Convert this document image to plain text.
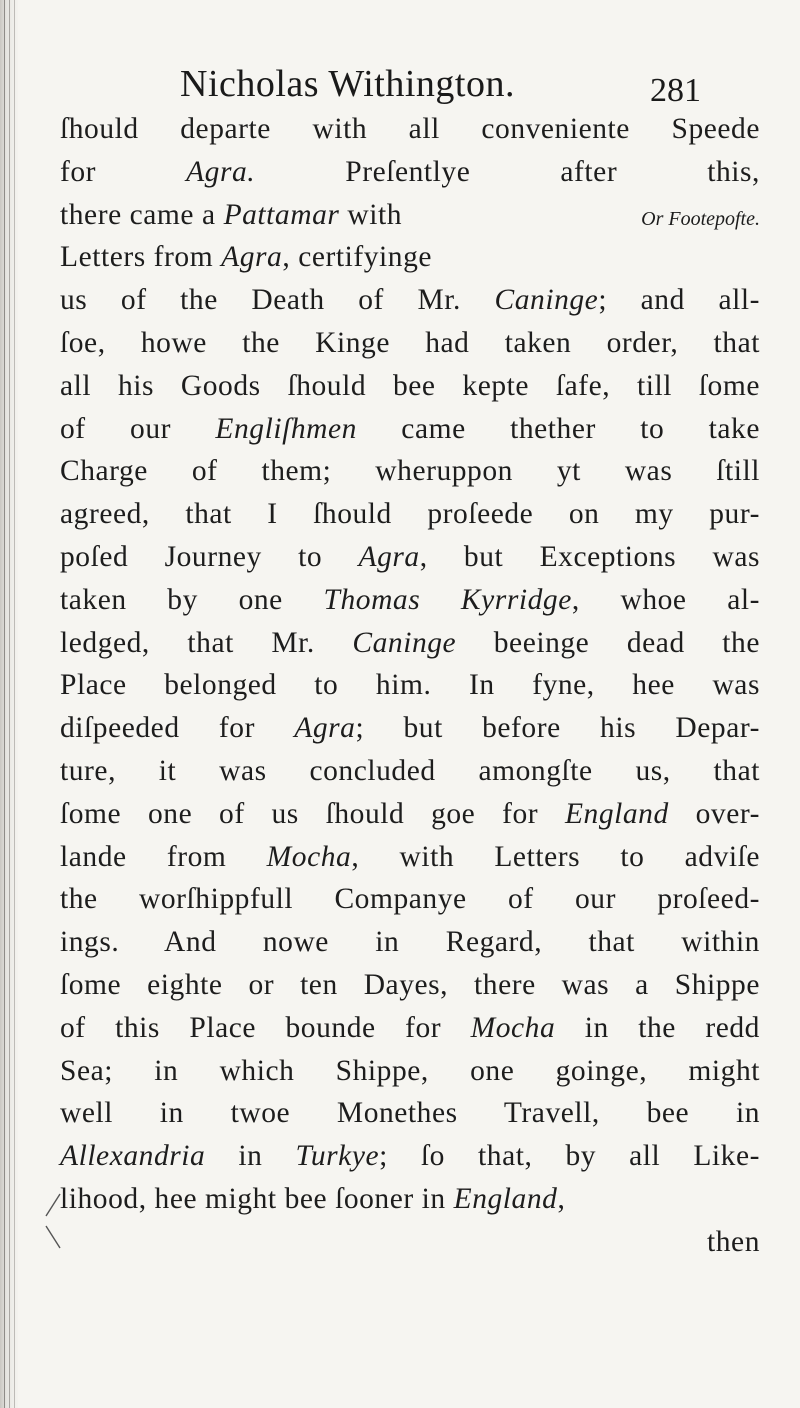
Nicholas Withington.	281
ſhould departe with all conveniente Speede
for Agra. Preſentlye after this,
Or Footepofte.
there came a Pattamar with
Letters from Agra, certifyinge
us of the Death of Mr. Caninge; and all-
ſoe, howe the Kinge had taken order, that
all his Goods ſhould bee kepte ſafe, till ſome
of our Engliſhmen came thether to take
Charge of them; wheruppon yt was ſtill
agreed, that I ſhould proſeede on my pur-
poſed Journey to Agra, but Exceptions was
taken by one Thomas Kyrridge, whoe al-
ledged, that Mr. Caninge beeinge dead the
Place belonged to him. In fyne, hee was
diſpeeded for Agra; but before his Depar-
ture, it was concluded amongſte us, that
ſome one of us ſhould goe for England over-
lande from Mocha, with Letters to adviſe
the worſhippfull Companye of our proſeed-
ings. And nowe in Regard, that within
ſome eighte or ten Dayes, there was a Shippe
of this Place bounde for Mocha in the redd
Sea; in which Shippe, one goinge, might
well in twoe Monethes Travell, bee in
Allexandria in Turkye; ſo that, by all Like-
lihood, hee might bee ſooner in England,
then
